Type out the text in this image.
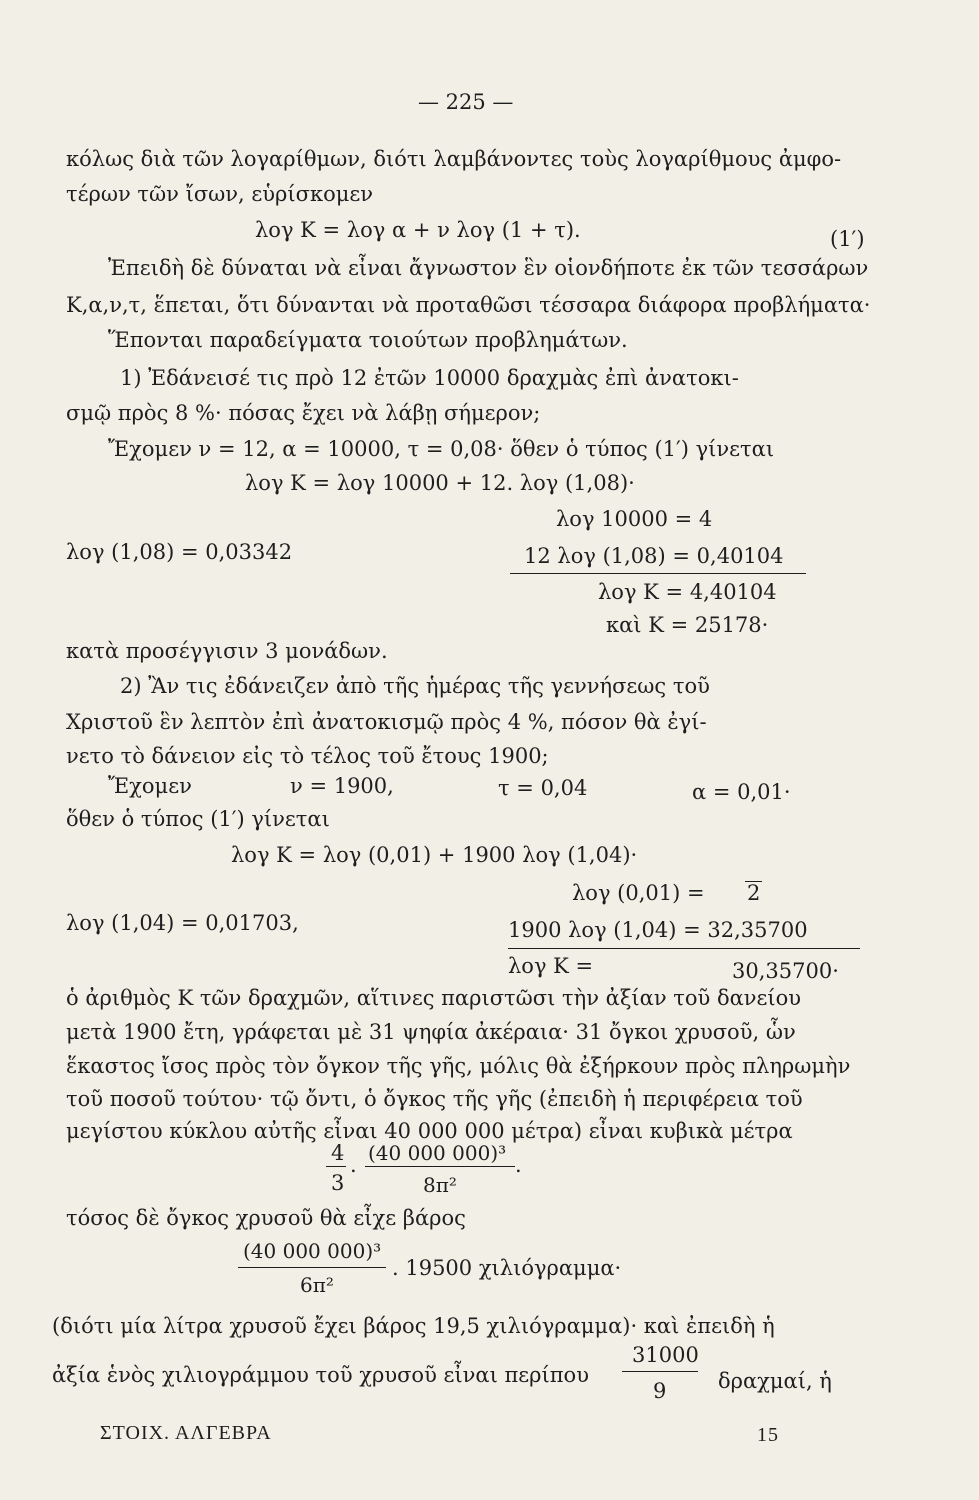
— 225 —
κόλως διὰ τῶν λογαρίθμων, διότι λαμβάνοντες τοὺς λογαρίθμους ἀμφο-
τέρων τῶν ἴσων, εὑρίσκομεν
λογ Κ = λογ α + ν λογ (1 + τ).	(1′)
Ἐπειδὴ δὲ δύναται νὰ εἶναι ἄγνωστον ἓν οἱονδήποτε ἐκ τῶν τεσσάρων
Κ,α,ν,τ, ἕπεται, ὅτι δύνανται νὰ προταθῶσι τέσσαρα διάφορα προβλήματα·
Ἕπονται παραδείγματα τοιούτων προβλημάτων.
1) Ἐδάνεισέ τις πρὸ 12 ἐτῶν 10000 δραχμὰς ἐπὶ ἀνατοκι-
σμῷ πρὸς 8 %· πόσας ἔχει νὰ λάβῃ σήμερον;
Ἔχομεν ν = 12, α = 10000, τ = 0,08· ὅθεν ὁ τύπος (1′) γίνεται
λογ Κ = λογ 10000 + 12. λογ (1,08)·
λογ 10000 = 4
λογ (1,08) = 0,03342	12 λογ (1,08) = 0,40104
λογ Κ = 4,40104
καὶ Κ = 25178·
κατὰ προσέγγισιν 3 μονάδων.
2) Ἂν τις ἐδάνειζεν ἀπὸ τῆς ἡμέρας τῆς γεννήσεως τοῦ
Χριστοῦ ἓν λεπτὸν ἐπὶ ἀνατοκισμῷ πρὸς 4 %, πόσον θὰ ἐγί-
νετο τὸ δάνειον εἰς τὸ τέλος τοῦ ἔτους 1900;
Ἔχομεν	ν = 1900,	τ = 0,04	α = 0,01·
ὅθεν ὁ τύπος (1′) γίνεται
λογ Κ = λογ (0,01) + 1900 λογ (1,04)·
λογ (0,01) = 2
λογ (1,04) = 0,01703,	1900 λογ (1,04) = 32,35700
λογ Κ =	30,35700·
ὁ ἀριθμὸς Κ τῶν δραχμῶν, αἵτινες παριστῶσι τὴν ἀξίαν τοῦ δανείου
μετὰ 1900 ἔτη, γράφεται μὲ 31 ψηφία ἀκέραια· 31 ὄγκοι χρυσοῦ, ὧν
ἕκαστος ἴσος πρὸς τὸν ὄγκον τῆς γῆς, μόλις θὰ ἐξήρκουν πρὸς πληρωμὴν
τοῦ ποσοῦ τούτου· τῷ ὄντι, ὁ ὄγκος τῆς γῆς (ἐπειδὴ ἡ περιφέρεια τοῦ
μεγίστου κύκλου αὐτῆς εἶναι 40 000 000 μέτρα) εἶναι κυβικὰ μέτρα
4
3
. (40 000 000)³
8π²
.
τόσος δὲ ὄγκος χρυσοῦ θὰ εἶχε βάρος
(40 000 000)³
6π²
. 19500 χιλιόγραμμα·
(διότι μία λίτρα χρυσοῦ ἔχει βάρος 19,5 χιλιόγραμμα)· καὶ ἐπειδὴ ἡ
ἀξία ἑνὸς χιλιογράμμου τοῦ χρυσοῦ εἶναι περίπου
31000
9 δραχμαί, ἡ
ΣΤΟΙΧ. ΑΛΓΕΒΡΑ	15
